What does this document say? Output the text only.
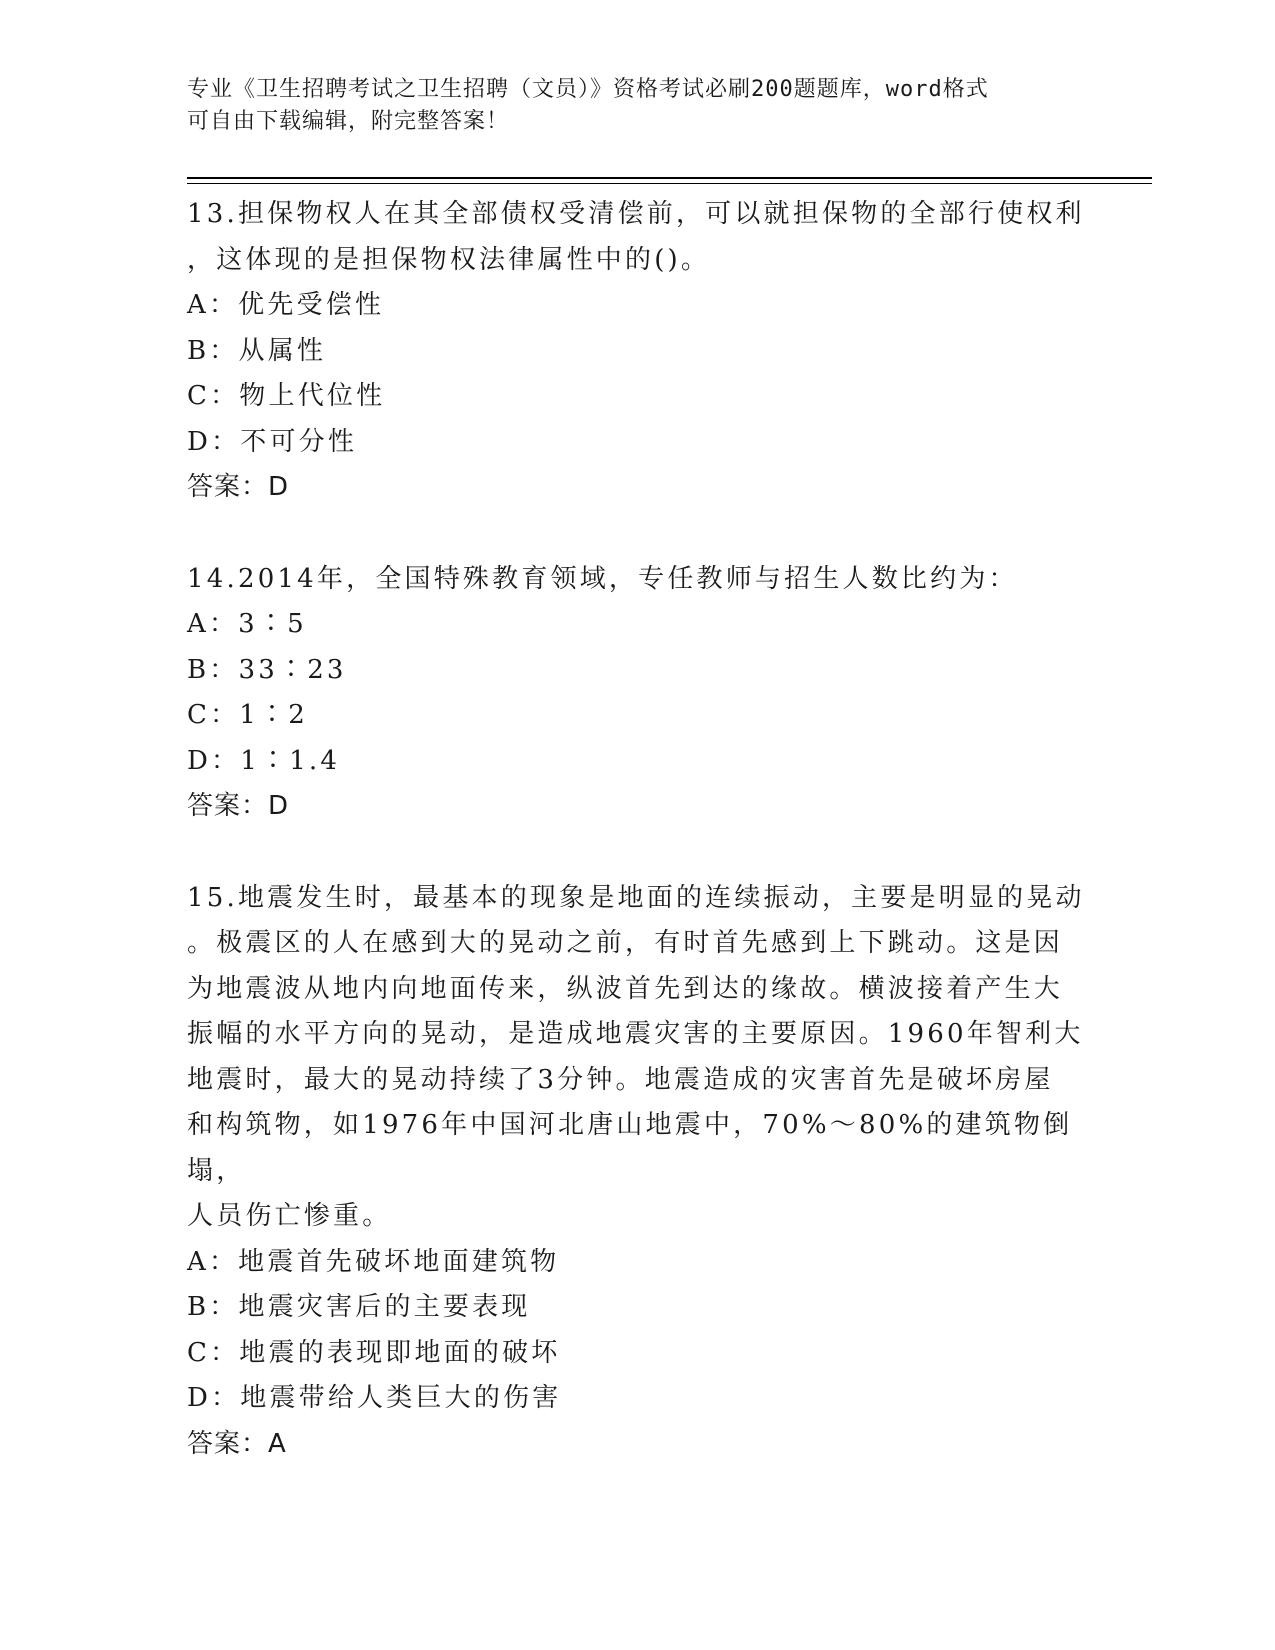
专业《卫生招聘考试之卫生招聘（文员）》资格考试必刷200题题库，word格式
可自由下载编辑，附完整答案！
13.担保物权人在其全部债权受清偿前，可以就担保物的全部行使权利
，这体现的是担保物权法律属性中的()。
A：优先受偿性
B：从属性
C：物上代位性
D：不可分性
答案：D
14.2014年，全国特殊教育领域，专任教师与招生人数比约为：
A：3∶5
B：33∶23
C：1∶2
D：1∶1.4
答案：D
15.地震发生时，最基本的现象是地面的连续振动，主要是明显的晃动
。极震区的人在感到大的晃动之前，有时首先感到上下跳动。这是因
为地震波从地内向地面传来，纵波首先到达的缘故。横波接着产生大
振幅的水平方向的晃动，是造成地震灾害的主要原因。1960年智利大
地震时，最大的晃动持续了3分钟。地震造成的灾害首先是破坏房屋
和构筑物，如1976年中国河北唐山地震中，70%～80%的建筑物倒塌，
人员伤亡惨重。
A：地震首先破坏地面建筑物
B：地震灾害后的主要表现
C：地震的表现即地面的破坏
D：地震带给人类巨大的伤害
答案：A
